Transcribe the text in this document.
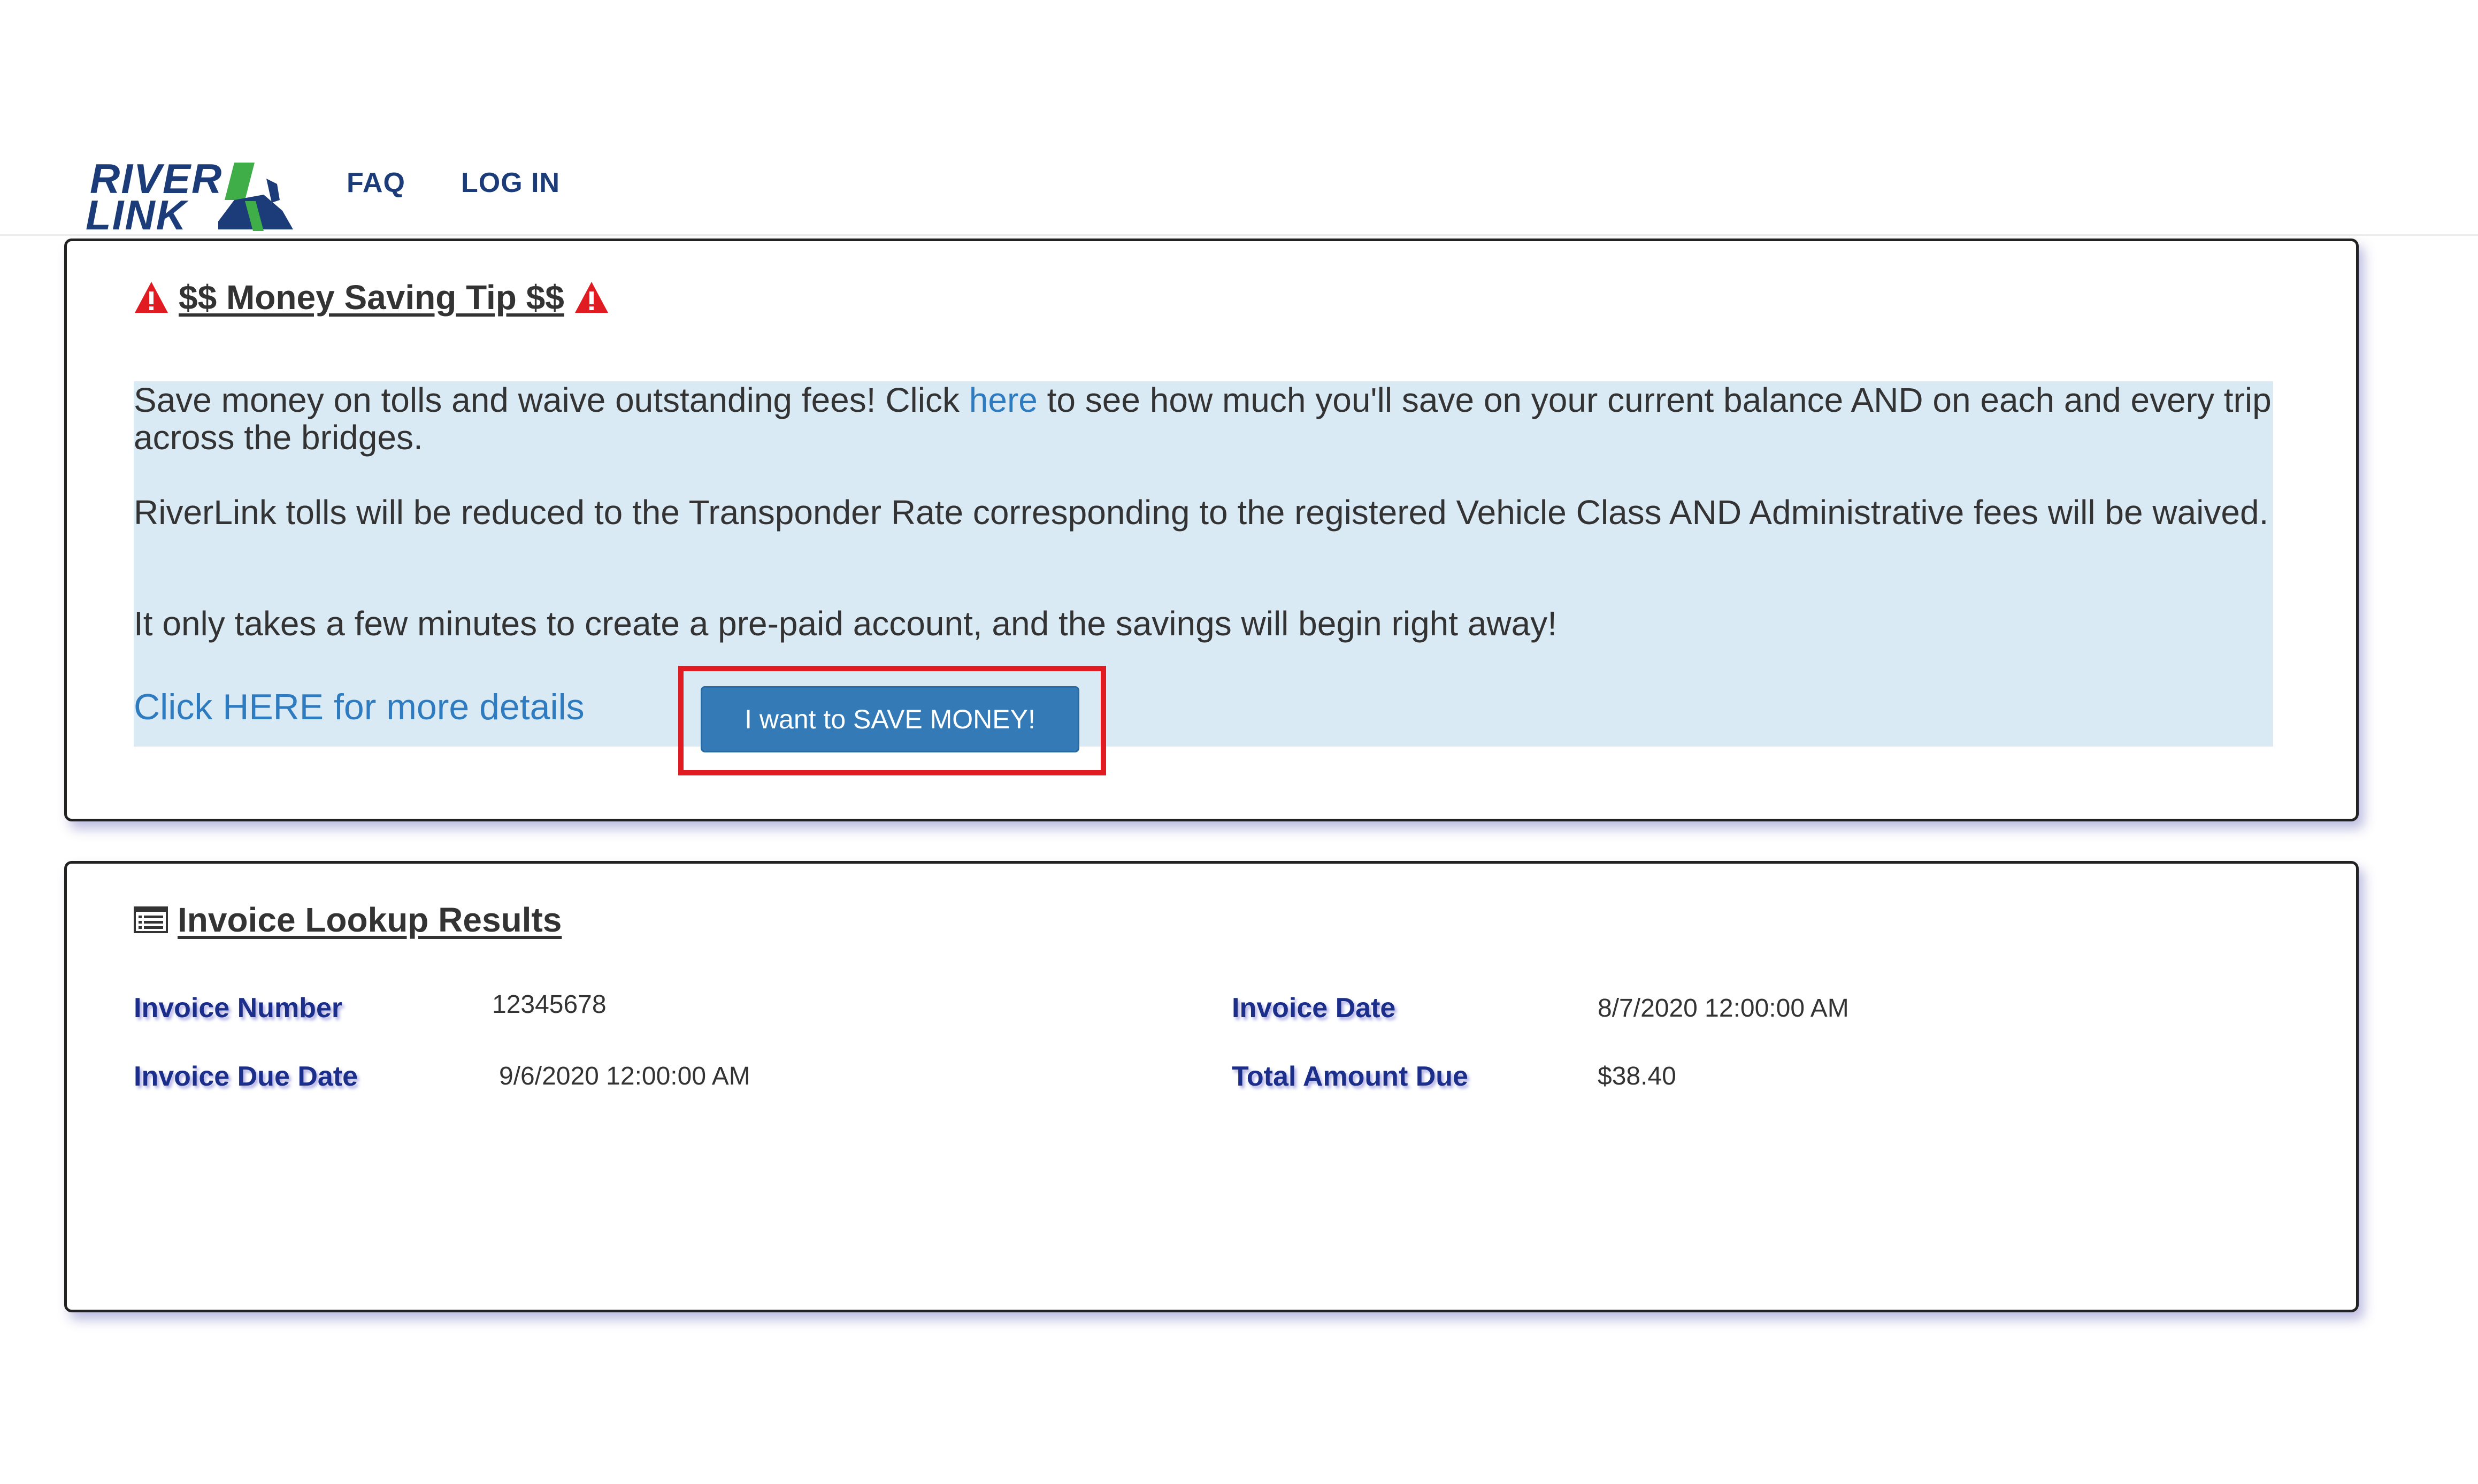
RIVER
LINK
FAQ LOG IN
$$ Money Saving Tip $$
Save money on tolls and waive outstanding fees! Click here to see how much you'll save on your current balance AND on each and every trip across the bridges.
RiverLink tolls will be reduced to the Transponder Rate corresponding to the registered Vehicle Class AND Administrative fees will be waived.
It only takes a few minutes to create a pre-paid account, and the savings will begin right away!
Click HERE for more details	I want to SAVE MONEY!
Invoice Lookup Results
Invoice Number	12345678	Invoice Date	8/7/2020 12:00:00 AM
Invoice Due Date	9/6/2020 12:00:00 AM	Total Amount Due	$38.40
